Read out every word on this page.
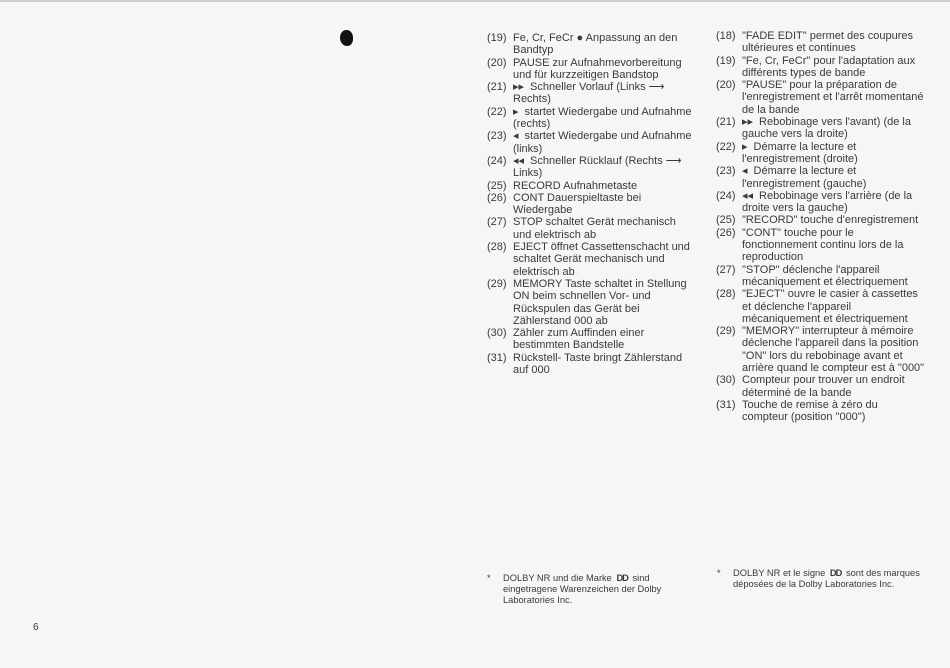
(19) Fe, Cr, FeCr ● Anpassung an den Bandtyp
(20) PAUSE zur Aufnahmevorbereitung und für kurzzeitigen Bandstop
(21) ▸▸ Schneller Vorlauf (Links ⟶ Rechts)
(22) ▸ startet Wiedergabe und Aufnahme (rechts)
(23) ◂ startet Wiedergabe und Aufnahme (links)
(24) ◂◂ Schneller Rücklauf (Rechts ⟶ Links)
(25) RECORD Aufnahmetaste
(26) CONT Dauerspieltaste bei Wiedergabe
(27) STOP schaltet Gerät mechanisch und elektrisch ab
(28) EJECT öffnet Cassettenschacht und schaltet Gerät mechanisch und elektrisch ab
(29) MEMORY Taste schaltet in Stellung ON beim schnellen Vor- und Rückspulen das Gerät bei Zählerstand 000 ab
(30) Zähler zum Auffinden einer bestimmten Bandstelle
(31) Rückstell- Taste bringt Zählerstand auf 000
(18) "FADE EDIT" permet des coupures ultérieures et continues
(19) "Fe, Cr, FeCr" pour l'adaptation aux différents types de bande
(20) "PAUSE" pour la préparation de l'enregistrement et l'arrêt momentané de la bande
(21) ▸▸ Rebobinage vers l'avant) (de la gauche vers la droite)
(22) ▸ Démarre la lecture et l'enregistrement (droite)
(23) ◂ Démarre la lecture et l'enregistrement (gauche)
(24) ◂◂ Rebobinage vers l'arrière (de la droite vers la gauche)
(25) "RECORD" touche d'enregistrement
(26) "CONT" touche pour le fonctionnement continu lors de la reproduction
(27) "STOP" déclenche l'appareil mécaniquement et électriquement
(28) "EJECT" ouvre le casier à cassettes et déclenche l'appareil mécaniquement et électriquement
(29) "MEMORY" interrupteur à mémoire déclenche l'appareil dans la position "ON" lors du rebobinage avant et arrière quand le compteur est à "000"
(30) Compteur pour trouver un endroit déterminé de la bande
(31) Touche de remise à zéro du compteur (position "000")
*	DOLBY NR und die Marke DD sind eingetragene Warenzeichen der Dolby Laboratories Inc.
*	DOLBY NR et le signe DD sont des marques déposées de la Dolby Laboratories Inc.
6
